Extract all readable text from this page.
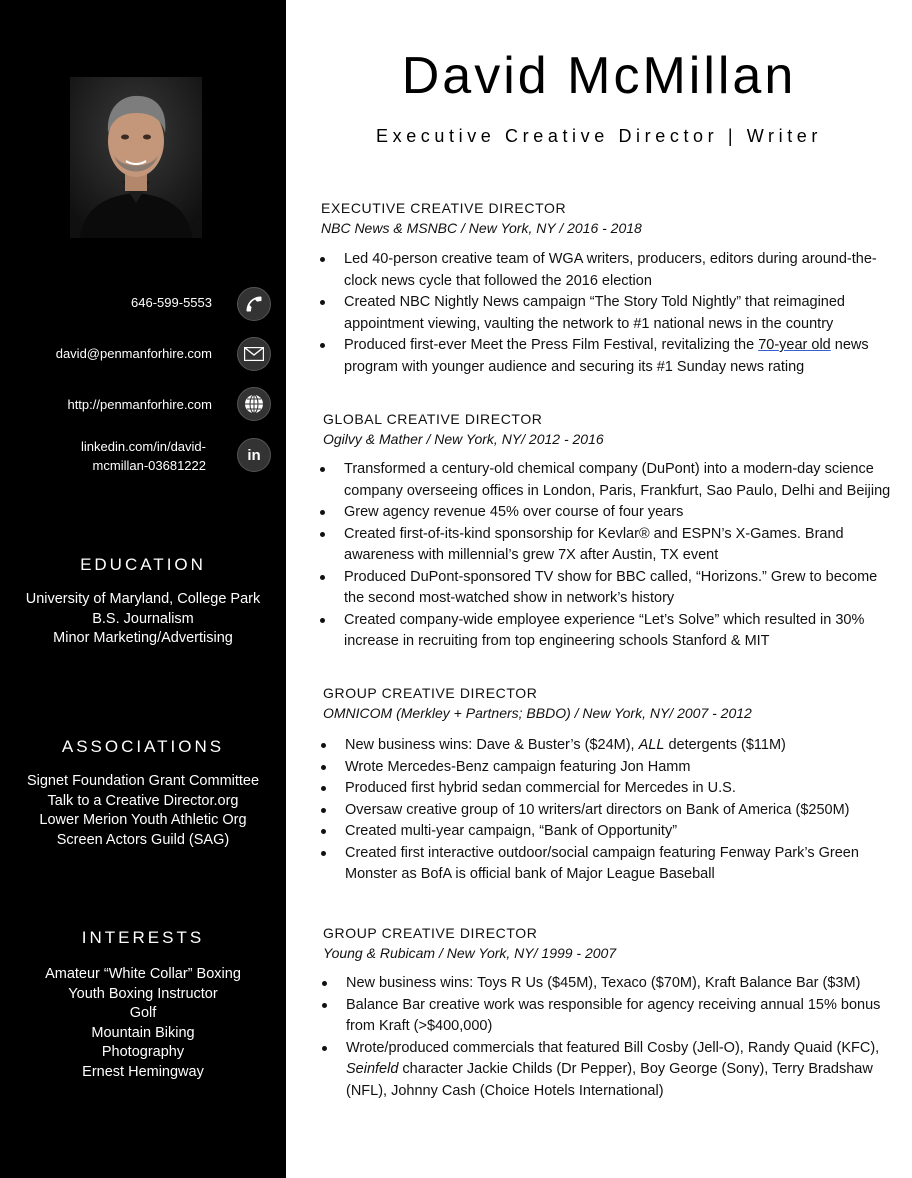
646-599-5553
david@penmanforhire.com
http://penmanforhire.com
linkedin.com/in/david-
mcmillan-03681222
in
EDUCATION
University of Maryland, College Park
B.S. Journalism
Minor Marketing/Advertising
ASSOCIATIONS
Signet Foundation Grant Committee
Talk to a Creative Director.org
Lower Merion Youth Athletic Org
Screen Actors Guild (SAG)
INTERESTS
Amateur “White Collar” Boxing
Youth Boxing Instructor
Golf
Mountain Biking
Photography
Ernest Hemingway
David McMillan
Executive Creative Director | Writer
EXECUTIVE CREATIVE DIRECTOR
NBC News & MSNBC / New York, NY / 2016 - 2018
Led 40-person creative team of WGA writers, producers, editors during around-the-clock news cycle that followed the 2016 election
Created NBC Nightly News campaign “The Story Told Nightly” that reimagined appointment viewing, vaulting the network to #1 national news in the country
Produced first-ever Meet the Press Film Festival, revitalizing the 70-year old news program with younger audience and securing its #1 Sunday news rating
GLOBAL CREATIVE DIRECTOR
Ogilvy & Mather / New York, NY/ 2012 - 2016
Transformed a century-old chemical company (DuPont) into a modern-day science company overseeing offices in London, Paris, Frankfurt, Sao Paulo, Delhi and Beijing
Grew agency revenue 45% over course of four years
Created first-of-its-kind sponsorship for Kevlar® and ESPN’s X-Games. Brand awareness with millennial’s grew 7X after Austin, TX event
Produced DuPont-sponsored TV show for BBC called, “Horizons.” Grew to become the second most-watched show in network’s history
Created company-wide employee experience “Let’s Solve” which resulted in 30% increase in recruiting from top engineering schools Stanford & MIT
GROUP CREATIVE DIRECTOR
OMNICOM (Merkley + Partners; BBDO) / New York, NY/ 2007 - 2012
New business wins: Dave & Buster’s ($24M), ALL detergents ($11M)
Wrote Mercedes-Benz campaign featuring Jon Hamm
Produced first hybrid sedan commercial for Mercedes in U.S.
Oversaw creative group of 10 writers/art directors on Bank of America ($250M)
Created multi-year campaign, “Bank of Opportunity”
Created first interactive outdoor/social campaign featuring Fenway Park’s Green Monster as BofA is official bank of Major League Baseball
GROUP CREATIVE DIRECTOR
Young & Rubicam / New York, NY/ 1999 - 2007
New business wins: Toys R Us ($45M), Texaco ($70M), Kraft Balance Bar ($3M)
Balance Bar creative work was responsible for agency receiving annual 15% bonus from Kraft (>$400,000)
Wrote/produced commercials that featured Bill Cosby (Jell-O), Randy Quaid (KFC), Seinfeld character Jackie Childs (Dr Pepper), Boy George (Sony), Terry Bradshaw (NFL), Johnny Cash (Choice Hotels International)
